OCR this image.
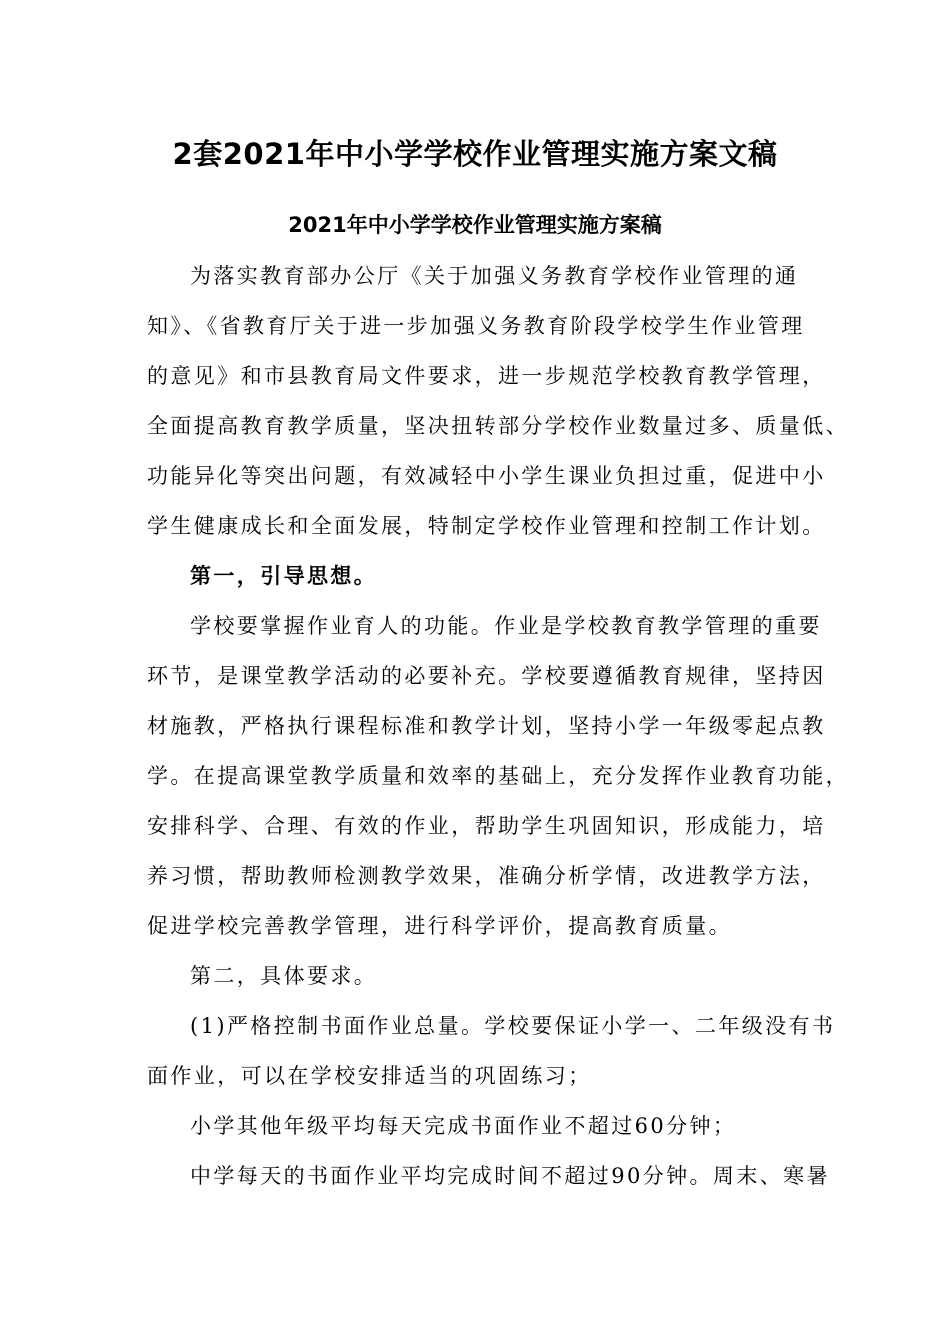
2套2021年中小学学校作业管理实施方案文稿
2021年中小学学校作业管理实施方案稿
为落实教育部办公厅《关于加强义务教育学校作业管理的通
知》、《省教育厅关于进一步加强义务教育阶段学校学生作业管理
的意见》和市县教育局文件要求，进一步规范学校教育教学管理，
全面提高教育教学质量，坚决扭转部分学校作业数量过多、质量低、
功能异化等突出问题，有效减轻中小学生课业负担过重，促进中小
学生健康成长和全面发展，特制定学校作业管理和控制工作计划。
第一，引导思想。
学校要掌握作业育人的功能。作业是学校教育教学管理的重要
环节，是课堂教学活动的必要补充。学校要遵循教育规律，坚持因
材施教，严格执行课程标准和教学计划，坚持小学一年级零起点教
学。在提高课堂教学质量和效率的基础上，充分发挥作业教育功能，
安排科学、合理、有效的作业，帮助学生巩固知识，形成能力，培
养习惯，帮助教师检测教学效果，准确分析学情，改进教学方法，
促进学校完善教学管理，进行科学评价，提高教育质量。
第二，具体要求。
(1)严格控制书面作业总量。学校要保证小学一、二年级没有书
面作业，可以在学校安排适当的巩固练习；
小学其他年级平均每天完成书面作业不超过60分钟；
中学每天的书面作业平均完成时间不超过90分钟。周末、寒暑
